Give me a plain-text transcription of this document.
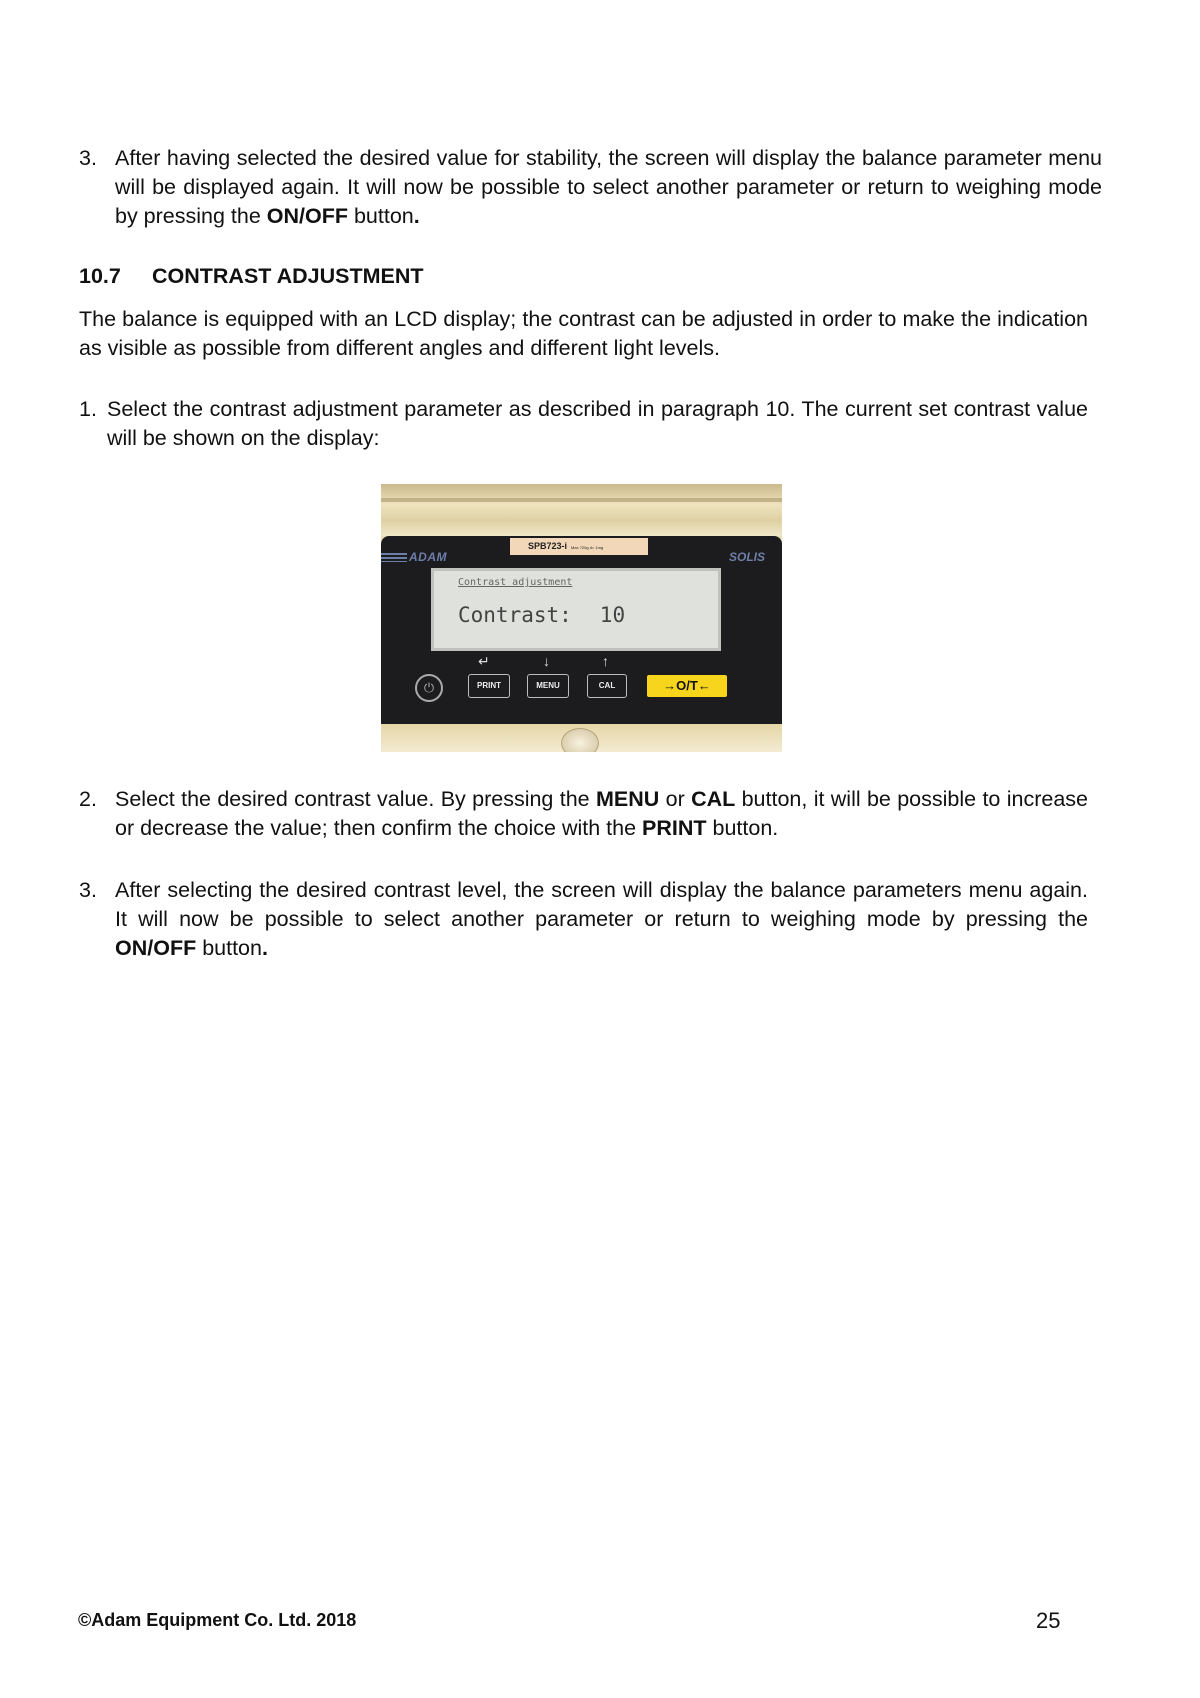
3. After having selected the desired value for stability, the screen will display the balance parameter menu will be displayed again. It will now be possible to select another parameter or return to weighing mode by pressing the ON/OFF button.
10.7 CONTRAST ADJUSTMENT
The balance is equipped with an LCD display; the contrast can be adjusted in order to make the indication as visible as possible from different angles and different light levels.
1. Select the contrast adjustment parameter as described in paragraph 10. The current set contrast value will be shown on the display:
ADAM	SOLIS
SPB723-i Max 720g d= 1mg
Contrast adjustment
Contrast: 10
↵	↓	↑
⏻	PRINT	MENU	CAL	→O/T←
2. Select the desired contrast value. By pressing the MENU or CAL button, it will be possible to increase or decrease the value; then confirm the choice with the PRINT button.
3. After selecting the desired contrast level, the screen will display the balance parameters menu again. It will now be possible to select another parameter or return to weighing mode by pressing the ON/OFF button.
©Adam Equipment Co. Ltd. 2018	25
